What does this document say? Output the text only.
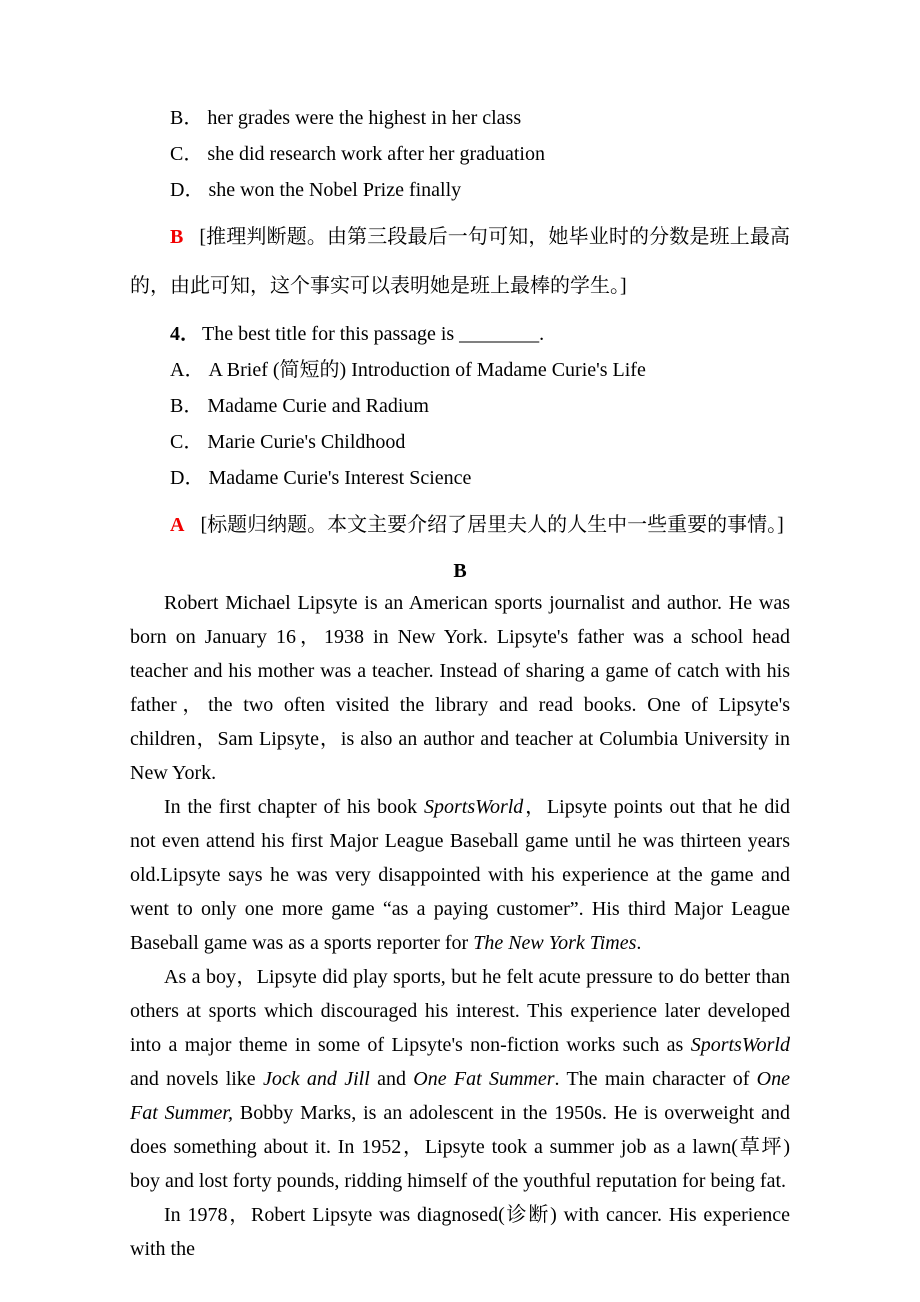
B． her grades were the highest in her class
C． she did research work after her graduation
D． she won the Nobel Prize finally
B [推理判断题。由第三段最后一句可知，她毕业时的分数是班上最高的，由此可知，这个事实可以表明她是班上最棒的学生。]
4． The best title for this passage is ________.
A． A Brief (简短的) Introduction of Madame Curie's Life
B． Madame Curie and Radium
C． Marie Curie's Childhood
D． Madame Curie's Interest Science
A [标题归纳题。本文主要介绍了居里夫人的人生中一些重要的事情。]
B

Robert Michael Lipsyte is an American sports journalist and author. He was born on January 16，1938 in New York. Lipsyte's father was a school head teacher and his mother was a teacher. Instead of sharing a game of catch with his father，the two often visited the library and read books. One of Lipsyte's children，Sam Lipsyte，is also an author and teacher at Columbia University in New York.

In the first chapter of his book SportsWorld，Lipsyte points out that he did not even attend his first Major League Baseball game until he was thirteen years old.Lipsyte says he was very disappointed with his experience at the game and went to only one more game “as a paying customer”. His third Major League Baseball game was as a sports reporter for The New York Times.

As a boy，Lipsyte did play sports, but he felt acute pressure to do better than others at sports which discouraged his interest. This experience later developed into a major theme in some of Lipsyte's non-fiction works such as SportsWorld and novels like Jock and Jill and One Fat Summer. The main character of One Fat Summer, Bobby Marks, is an adolescent in the 1950s. He is overweight and does something about it. In 1952，Lipsyte took a summer job as a lawn(草坪) boy and lost forty pounds, ridding himself of the youthful reputation for being fat.

In 1978，Robert Lipsyte was diagnosed(诊断) with cancer. His experience with the
